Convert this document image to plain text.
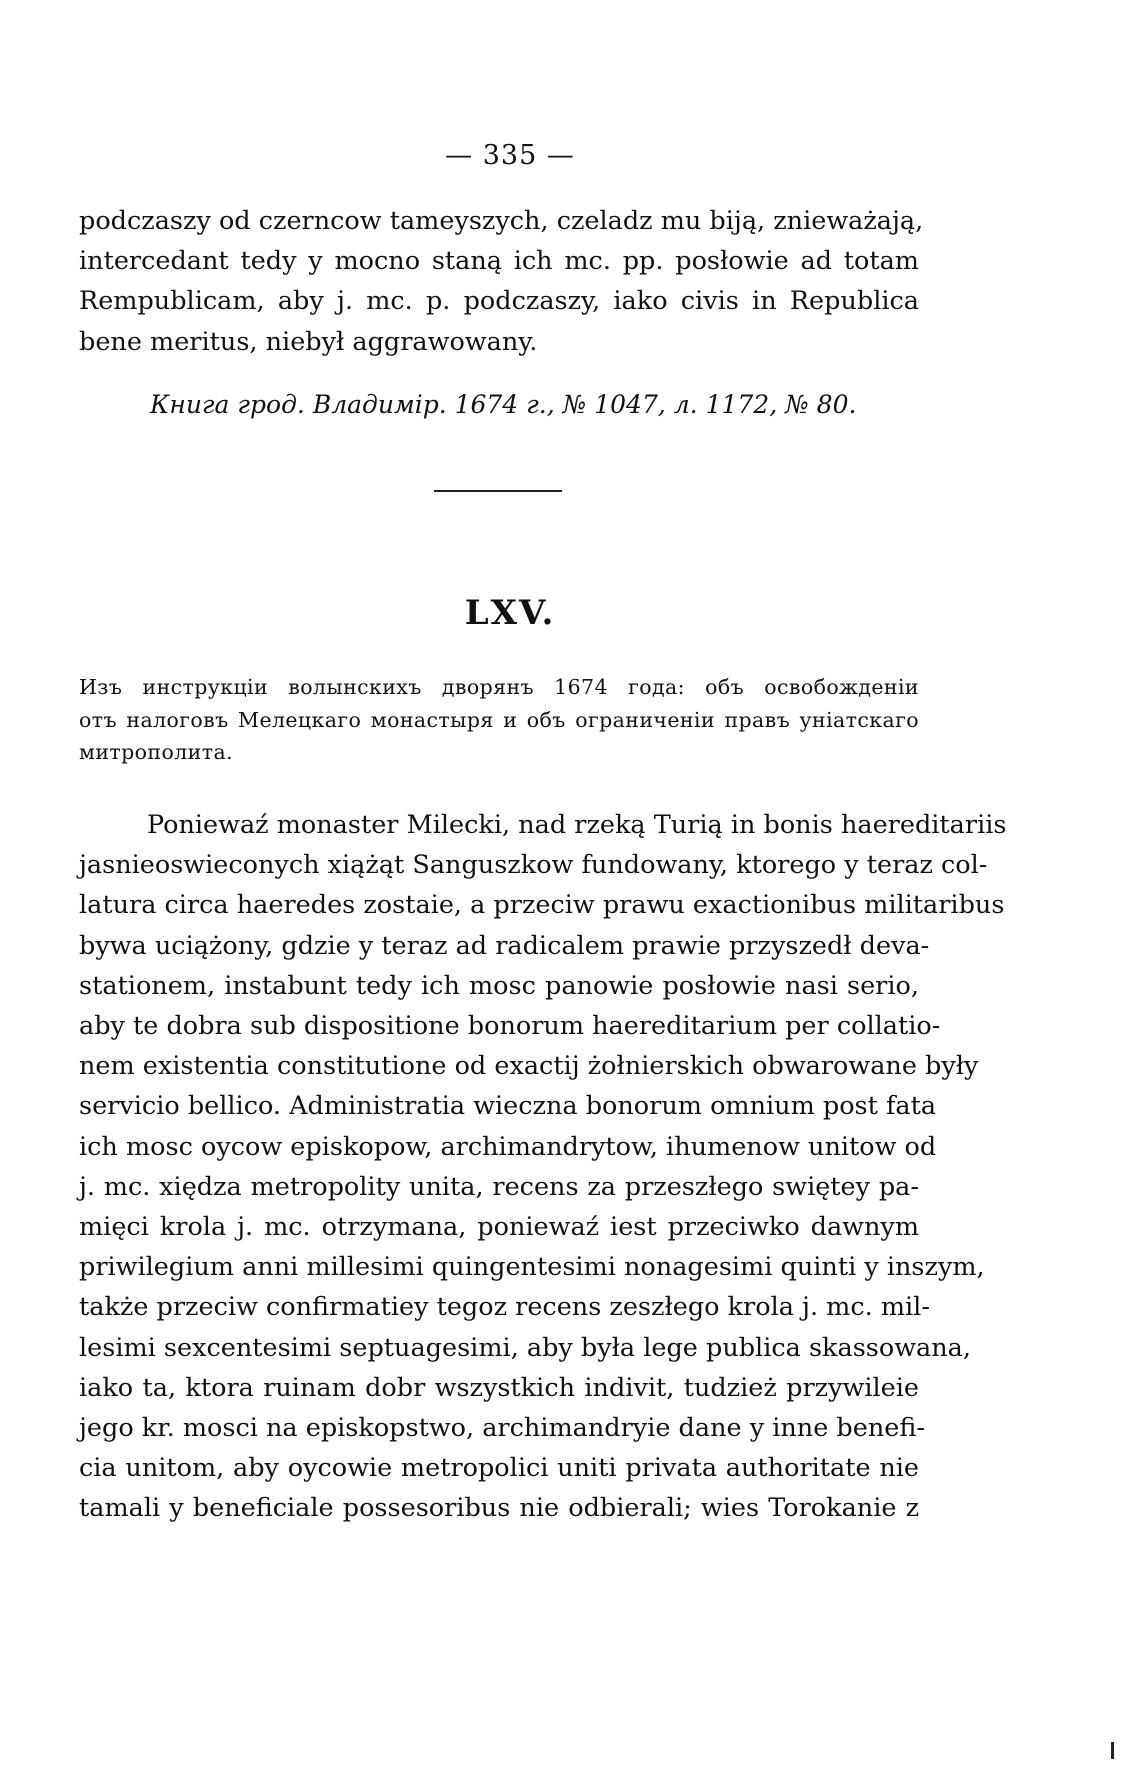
— 335 —
podczaszy od czerncow tameyszych, czeladz mu biją, znieważają,
intercedant tedy y mocno staną ich mc. pp. posłowie ad totam
Rempublicam, aby j. mc. p. podczaszy, iako civis in Republica
bene meritus, niebył aggrawowany.
Книга грод. Владимір. 1674 г., № 1047, л. 1172, № 80.
LXV.
Изъ инструкціи волынскихъ дворянъ 1674 года: объ освобожденіи
отъ налоговъ Мелецкаго монастыря и объ ограниченіи правъ уніатскаго
митрополита.
Poniewaź monaster Milecki, nad rzeką Turią in bonis haereditariis
jasnieoswieconych xiążąt Sanguszkow fundowany, ktorego y teraz col-
latura circa haeredes zostaie, a przeciw prawu exactionibus militaribus
bywa uciążony, gdzie y teraz ad radicalem prawie przyszedł deva-
stationem, instabunt tedy ich mosc panowie posłowie nasi serio,
aby te dobra sub dispositione bonorum haereditarium per collatio-
nem existentia constitutione od exactij żołnierskich obwarowane były
servicio bellico. Administratia wieczna bonorum omnium post fata
ich mosc oycow episkopow, archimandrytow, ihumenow unitow od
j. mc. xiędza metropolity unita, recens za przeszłego swiętey pa-
mięci krola j. mc. otrzymana, poniewaź iest przeciwko dawnym
priwilegium anni millesimi quingentesimi nonagesimi quinti y inszym,
także przeciw confirmatiey tegoz recens zeszłego krola j. mc. mil-
lesimi sexcentesimi septuagesimi, aby była lege publica skassowana,
iako ta, ktora ruinam dobr wszystkich indivit, tudzież przywileie
jego kr. mosci na episkopstwo, archimandryie dane y inne benefi-
cia unitom, aby oycowie metropolici uniti privata authoritate nie
tamali y beneficiale possesoribus nie odbierali; wies Torokanie z
